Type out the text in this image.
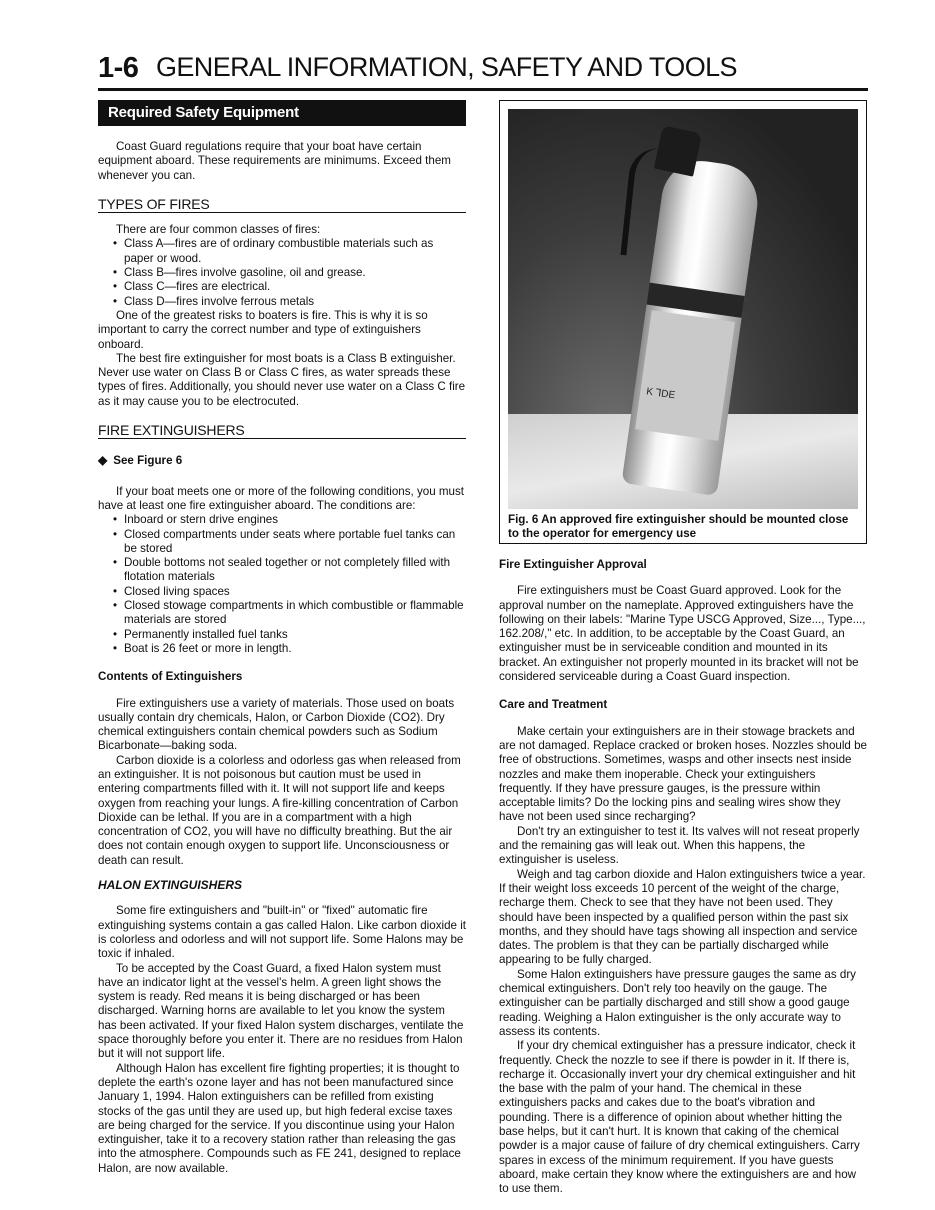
1-6 GENERAL INFORMATION, SAFETY AND TOOLS
Required Safety Equipment

Coast Guard regulations require that your boat have certain equipment aboard. These requirements are minimums. Exceed them whenever you can.

TYPES OF FIRES

There are four common classes of fires:

• Class A—fires are of ordinary combustible materials such as paper or wood.

• Class B—fires involve gasoline, oil and grease.

• Class C—fires are electrical.

• Class D—fires involve ferrous metals

One of the greatest risks to boaters is fire. This is why it is so important to carry the correct number and type of extinguishers onboard.

The best fire extinguisher for most boats is a Class B extinguisher. Never use water on Class B or Class C fires, as water spreads these types of fires. Additionally, you should never use water on a Class C fire as it may cause you to be electrocuted.

FIRE EXTINGUISHERS
◆ See Figure 6

If your boat meets one or more of the following conditions, you must have at least one fire extinguisher aboard. The conditions are:

• Inboard or stern drive engines

• Closed compartments under seats where portable fuel tanks can be stored

• Double bottoms not sealed together or not completely filled with flotation materials

• Closed living spaces

• Closed stowage compartments in which combustible or flammable materials are stored

• Permanently installed fuel tanks

• Boat is 26 feet or more in length.

Contents of Extinguishers

Fire extinguishers use a variety of materials. Those used on boats usually contain dry chemicals, Halon, or Carbon Dioxide (CO2). Dry chemical extinguishers contain chemical powders such as Sodium Bicarbonate—baking soda.

Carbon dioxide is a colorless and odorless gas when released from an extinguisher. It is not poisonous but caution must be used in entering compartments filled with it. It will not support life and keeps oxygen from reaching your lungs. A fire-killing concentration of Carbon Dioxide can be lethal. If you are in a compartment with a high concentration of CO2, you will have no difficulty breathing. But the air does not contain enough oxygen to support life. Unconsciousness or death can result.

HALON EXTINGUISHERS

Some fire extinguishers and "built-in" or "fixed" automatic fire extinguishing systems contain a gas called Halon. Like carbon dioxide it is colorless and odorless and will not support life. Some Halons may be toxic if inhaled.

To be accepted by the Coast Guard, a fixed Halon system must have an indicator light at the vessel's helm. A green light shows the system is ready. Red means it is being discharged or has been discharged. Warning horns are available to let you know the system has been activated. If your fixed Halon system discharges, ventilate the space thoroughly before you enter it. There are no residues from Halon but it will not support life.

Although Halon has excellent fire fighting properties; it is thought to deplete the earth's ozone layer and has not been manufactured since January 1, 1994. Halon extinguishers can be refilled from existing stocks of the gas until they are used up, but high federal excise taxes are being charged for the service. If you discontinue using your Halon extinguisher, take it to a recovery station rather than releasing the gas into the atmosphere. Compounds such as FE 241, designed to replace Halon, are now available.

K ⅂DE
Fig. 6 An approved fire extinguisher should be mounted close to the operator for emergency use
Fire Extinguisher Approval

Fire extinguishers must be Coast Guard approved. Look for the approval number on the nameplate. Approved extinguishers have the following on their labels: "Marine Type USCG Approved, Size..., Type..., 162.208/," etc. In addition, to be acceptable by the Coast Guard, an extinguisher must be in serviceable condition and mounted in its bracket. An extinguisher not properly mounted in its bracket will not be considered serviceable during a Coast Guard inspection.

Care and Treatment

Make certain your extinguishers are in their stowage brackets and are not damaged. Replace cracked or broken hoses. Nozzles should be free of obstructions. Sometimes, wasps and other insects nest inside nozzles and make them inoperable. Check your extinguishers frequently. If they have pressure gauges, is the pressure within acceptable limits? Do the locking pins and sealing wires show they have not been used since recharging?

Don't try an extinguisher to test it. Its valves will not reseat properly and the remaining gas will leak out. When this happens, the extinguisher is useless.

Weigh and tag carbon dioxide and Halon extinguishers twice a year. If their weight loss exceeds 10 percent of the weight of the charge, recharge them. Check to see that they have not been used. They should have been inspected by a qualified person within the past six months, and they should have tags showing all inspection and service dates. The problem is that they can be partially discharged while appearing to be fully charged.

Some Halon extinguishers have pressure gauges the same as dry chemical extinguishers. Don't rely too heavily on the gauge. The extinguisher can be partially discharged and still show a good gauge reading. Weighing a Halon extinguisher is the only accurate way to assess its contents.

If your dry chemical extinguisher has a pressure indicator, check it frequently. Check the nozzle to see if there is powder in it. If there is, recharge it. Occasionally invert your dry chemical extinguisher and hit the base with the palm of your hand. The chemical in these extinguishers packs and cakes due to the boat's vibration and pounding. There is a difference of opinion about whether hitting the base helps, but it can't hurt. It is known that caking of the chemical powder is a major cause of failure of dry chemical extinguishers. Carry spares in excess of the minimum requirement. If you have guests aboard, make certain they know where the extinguishers are and how to use them.
